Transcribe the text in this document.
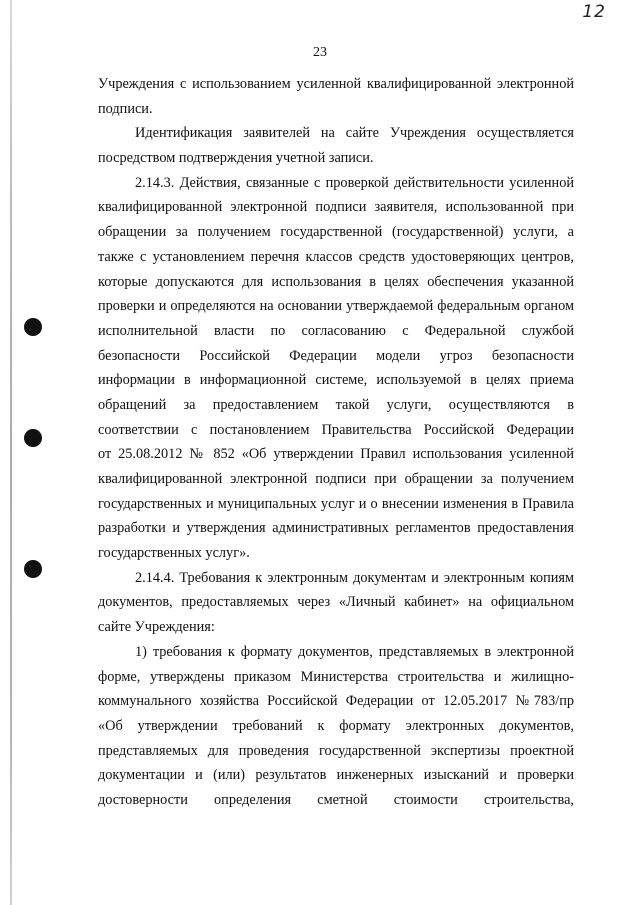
12
23
Учреждения с использованием усиленной квалифицированной электронной
подписи.
Идентификация заявителей на сайте Учреждения осуществляется
посредством подтверждения учетной записи.
2.14.3. Действия, связанные с проверкой действительности усиленной
квалифицированной электронной подписи заявителя, использованной при
обращении за получением государственной (государственной) услуги, а
также с установлением перечня классов средств удостоверяющих центров,
которые допускаются для использования в целях обеспечения указанной
проверки и определяются на основании утверждаемой федеральным органом
исполнительной власти по согласованию с Федеральной службой
безопасности Российской Федерации модели угроз безопасности
информации в информационной системе, используемой в целях приема
обращений за предоставлением такой услуги, осуществляются в
соответствии с постановлением Правительства Российской Федерации
от 25.08.2012 № 852 «Об утверждении Правил использования усиленной
квалифицированной электронной подписи при обращении за получением
государственных и муниципальных услуг и о внесении изменения в Правила
разработки и утверждения административных регламентов предоставления
государственных услуг».
2.14.4. Требования к электронным документам и электронным копиям
документов, предоставляемых через «Личный кабинет» на официальном
сайте Учреждения:
1) требования к формату документов, представляемых в электронной
форме, утверждены приказом Министерства строительства и жилищно-
коммунального хозяйства Российской Федерации от 12.05.2017 №783/пр
«Об утверждении требований к формату электронных документов,
представляемых для проведения государственной экспертизы проектной
документации и (или) результатов инженерных изысканий и проверки
достоверности определения сметной стоимости строительства,
